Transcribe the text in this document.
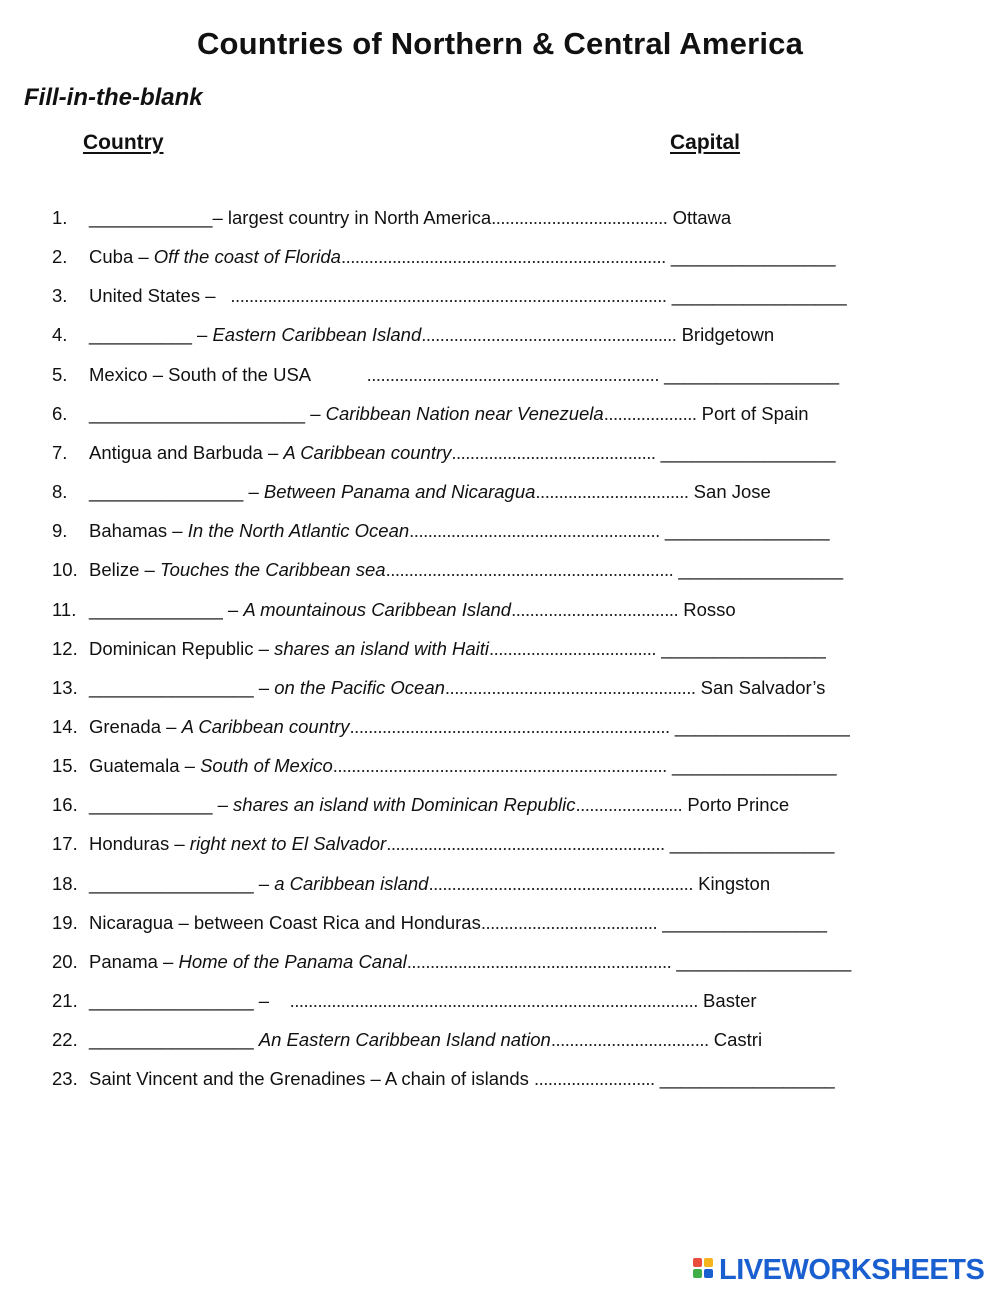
Countries of Northern & Central America
Fill-in-the-blank
Country	Capital
1.	____________– largest country in North America...................................... Ottawa
2.	Cuba – Off the coast of Florida...................................................................... ________________
3.	United States –   .............................................................................................. _________________
4.	__________ – Eastern Caribbean Island....................................................... Bridgetown
5.	Mexico – South of the USA           ............................................................... _________________
6.	_____________________ – Caribbean Nation near Venezuela.................... Port of Spain
7.	Antigua and Barbuda – A Caribbean country............................................ _________________
8.	_______________ – Between Panama and Nicaragua................................. San Jose
9.	Bahamas – In the North Atlantic Ocean...................................................... ________________
10. Belize – Touches the Caribbean sea.............................................................. ________________
11. _____________ – A mountainous Caribbean Island.................................... Rosso
12. Dominican Republic – shares an island with Haiti.................................... ________________
13. ________________ – on the Pacific Ocean...................................................... San Salvador’s
14. Grenada – A Caribbean country..................................................................... _________________
15. Guatemala – South of Mexico........................................................................ ________________
16. ____________ – shares an island with Dominican Republic....................... Porto Prince
17. Honduras – right next to El Salvador............................................................ ________________
18. ________________ – a Caribbean island......................................................... Kingston
19. Nicaragua – between Coast Rica and Honduras...................................... ________________
20. Panama – Home of the Panama Canal......................................................... _________________
21. ________________ –    ........................................................................................ Baster
22. ________________ An Eastern Caribbean Island nation.................................. Castri
23. Saint Vincent and the Grenadines – A chain of islands .......................... _________________
LIVEWORKSHEETS
